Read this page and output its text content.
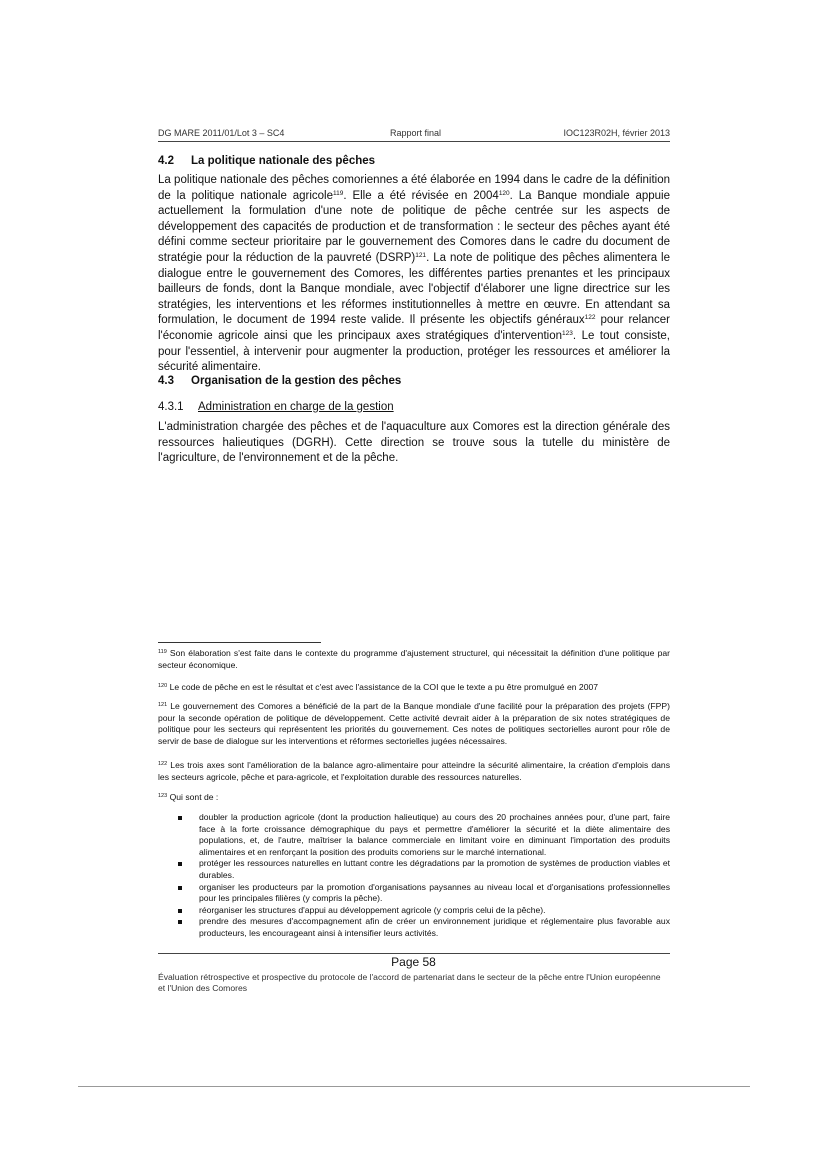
DG MARE 2011/01/Lot 3 – SC4	Rapport final	IOC123R02H, février 2013
4.2 La politique nationale des pêches
La politique nationale des pêches comoriennes a été élaborée en 1994 dans le cadre de la définition de la politique nationale agricole$^{119}$. Elle a été révisée en 2004$^{120}$. La Banque mondiale appuie actuellement la formulation d'une note de politique de pêche centrée sur les aspects de développement des capacités de production et de transformation : le secteur des pêches ayant été défini comme secteur prioritaire par le gouvernement des Comores dans le cadre du document de stratégie pour la réduction de la pauvreté (DSRP)$^{121}$. La note de politique des pêches alimentera le dialogue entre le gouvernement des Comores, les différentes parties prenantes et les principaux bailleurs de fonds, dont la Banque mondiale, avec l'objectif d'élaborer une ligne directrice sur les stratégies, les interventions et les réformes institutionnelles à mettre en œuvre. En attendant sa formulation, le document de 1994 reste valide. Il présente les objectifs généraux$^{122}$ pour relancer l'économie agricole ainsi que les principaux axes stratégiques d'intervention$^{123}$. Le tout consiste, pour l'essentiel, à intervenir pour augmenter la production, protéger les ressources et améliorer la sécurité alimentaire.
4.3 Organisation de la gestion des pêches
4.3.1 Administration en charge de la gestion
L'administration chargée des pêches et de l'aquaculture aux Comores est la direction générale des ressources halieutiques (DGRH). Cette direction se trouve sous la tutelle du ministère de l'agriculture, de l'environnement et de la pêche.
$^{119}$ Son élaboration s'est faite dans le contexte du programme d'ajustement structurel, qui nécessitait la définition d'une politique par secteur économique.
$^{120}$ Le code de pêche en est le résultat et c'est avec l'assistance de la COI que le texte a pu être promulgué en 2007
$^{121}$ Le gouvernement des Comores a bénéficié de la part de la Banque mondiale d'une facilité pour la préparation des projets (FPP) pour la seconde opération de politique de développement. Cette activité devrait aider à la préparation de six notes stratégiques de politique pour les secteurs qui représentent les priorités du gouvernement. Ces notes de politiques sectorielles auront pour rôle de servir de base de dialogue sur les interventions et réformes sectorielles jugées nécessaires.
$^{122}$ Les trois axes sont l'amélioration de la balance agro-alimentaire pour atteindre la sécurité alimentaire, la création d'emplois dans les secteurs agricole, pêche et para-agricole, et l'exploitation durable des ressources naturelles.
$^{123}$ Qui sont de :
doubler la production agricole (dont la production halieutique) au cours des 20 prochaines années pour, d'une part, faire face à la forte croissance démographique du pays et permettre d'améliorer la sécurité et la diète alimentaire des populations, et, de l'autre, maîtriser la balance commerciale en limitant voire en diminuant l'importation des produits alimentaires et en renforçant la position des produits comoriens sur le marché international.
protéger les ressources naturelles en luttant contre les dégradations par la promotion de systèmes de production viables et durables.
organiser les producteurs par la promotion d'organisations paysannes au niveau local et d'organisations professionnelles pour les principales filières (y compris la pêche).
réorganiser les structures d'appui au développement agricole (y compris celui de la pêche).
prendre des mesures d'accompagnement afin de créer un environnement juridique et réglementaire plus favorable aux producteurs, les encourageant ainsi à intensifier leurs activités.
Page 58
Évaluation rétrospective et prospective du protocole de l'accord de partenariat dans le secteur de la pêche entre l'Union européenne et l'Union des Comores
